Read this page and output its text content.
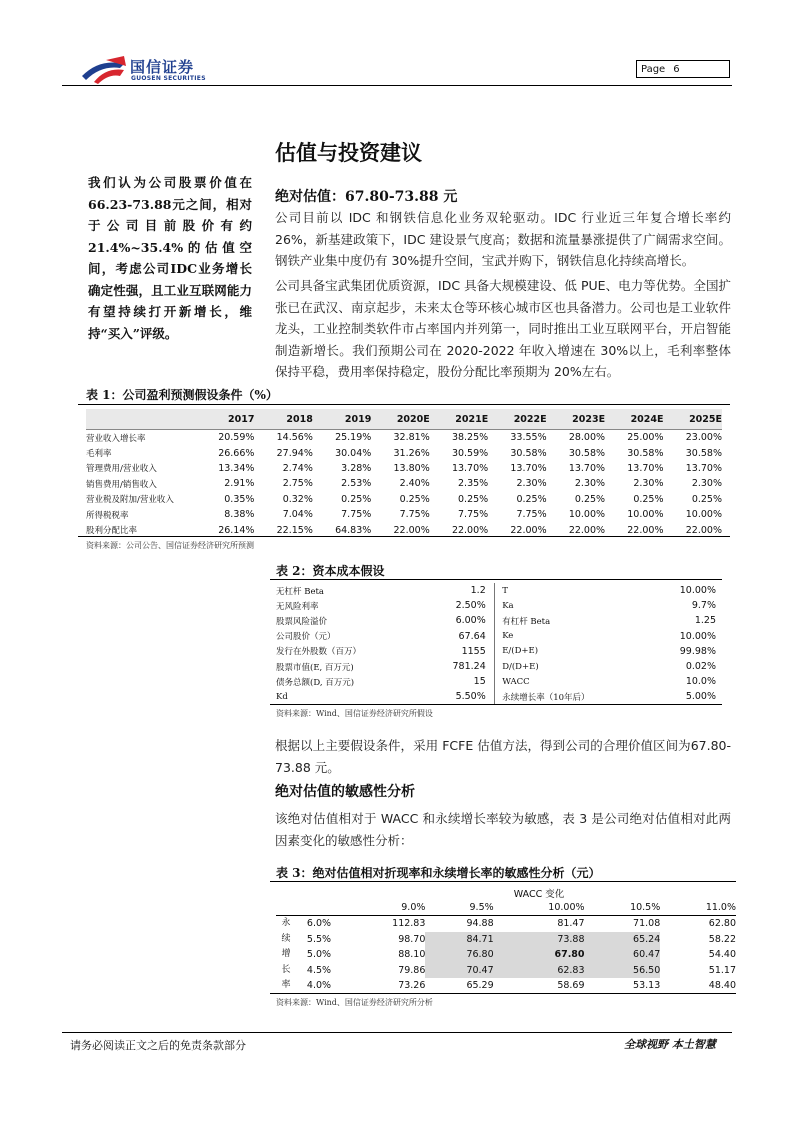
国信证券
GUOSEN SECURITIES
Page 6
我们认为公司股票价值在66.23-73.88元之间，相对于公司目前股价有约21.4%~35.4%的估值空间，考虑公司IDC业务增长确定性强，且工业互联网能力有望持续打开新增长，维持“买入”评级。
估值与投资建议
绝对估值：67.80-73.88 元
公司目前以 IDC 和钢铁信息化业务双轮驱动。IDC 行业近三年复合增长率约26%，新基建政策下，IDC 建设景气度高；数据和流量暴涨提供了广阔需求空间。钢铁产业集中度仍有 30%提升空间，宝武并购下，钢铁信息化持续高增长。
公司具备宝武集团优质资源，IDC 具备大规模建设、低 PUE、电力等优势。全国扩张已在武汉、南京起步，未来太仓等环核心城市区也具备潜力。公司也是工业软件龙头，工业控制类软件市占率国内并列第一，同时推出工业互联网平台，开启智能制造新增长。我们预期公司在 2020-2022 年收入增速在 30%以上，毛利率整体保持平稳，费用率保持稳定，股份分配比率预期为 20%左右。
表 1：公司盈利预测假设条件（%）
	2017	2018	2019	2020E	2021E	2022E	2023E	2024E	2025E
营业收入增长率	20.59%	14.56%	25.19%	32.81%	38.25%	33.55%	28.00%	25.00%	23.00%
毛利率	26.66%	27.94%	30.04%	31.26%	30.59%	30.58%	30.58%	30.58%	30.58%
管理费用/营业收入	13.34%	2.74%	3.28%	13.80%	13.70%	13.70%	13.70%	13.70%	13.70%
销售费用/销售收入	2.91%	2.75%	2.53%	2.40%	2.35%	2.30%	2.30%	2.30%	2.30%
营业税及附加/营业收入	0.35%	0.32%	0.25%	0.25%	0.25%	0.25%	0.25%	0.25%	0.25%
所得税税率	8.38%	7.04%	7.75%	7.75%	7.75%	7.75%	10.00%	10.00%	10.00%
股利分配比率	26.14%	22.15%	64.83%	22.00%	22.00%	22.00%	22.00%	22.00%	22.00%
资料来源：公司公告、国信证券经济研究所预测
表 2：资本成本假设
无杠杆 Beta	1.2			T	10.00%
无风险利率	2.50%			Ka	9.7%
股票风险溢价	6.00%			有杠杆 Beta	1.25
公司股价（元）	67.64			Ke	10.00%
发行在外股数（百万）	1155			E/(D+E)	99.98%
股票市值(E, 百万元)	781.24			D/(D+E)	0.02%
债务总额(D, 百万元)	15			WACC	10.0%
Kd	5.50%			永续增长率（10年后）	5.00%
资料来源：Wind、国信证券经济研究所假设
根据以上主要假设条件，采用 FCFE 估值方法，得到公司的合理价值区间为67.80-73.88 元。
绝对估值的敏感性分析
该绝对估值相对于 WACC 和永续增长率较为敏感，表 3 是公司绝对估值相对此两因素变化的敏感性分析：
表 3：绝对估值相对折现率和永续增长率的敏感性分析（元）
		WACC 变化				
		9.0%	9.5%	10.00%	10.5%	11.0%
永	6.0%	112.83	94.88	81.47	71.08	62.80
续	5.5%	98.70	84.71	73.88	65.24	58.22
增	5.0%	88.10	76.80	67.80	60.47	54.40
长	4.5%	79.86	70.47	62.83	56.50	51.17
率	4.0%	73.26	65.29	58.69	53.13	48.40
资料来源：Wind、国信证券经济研究所分析
请务必阅读正文之后的免责条款部分	全球视野 本土智慧
